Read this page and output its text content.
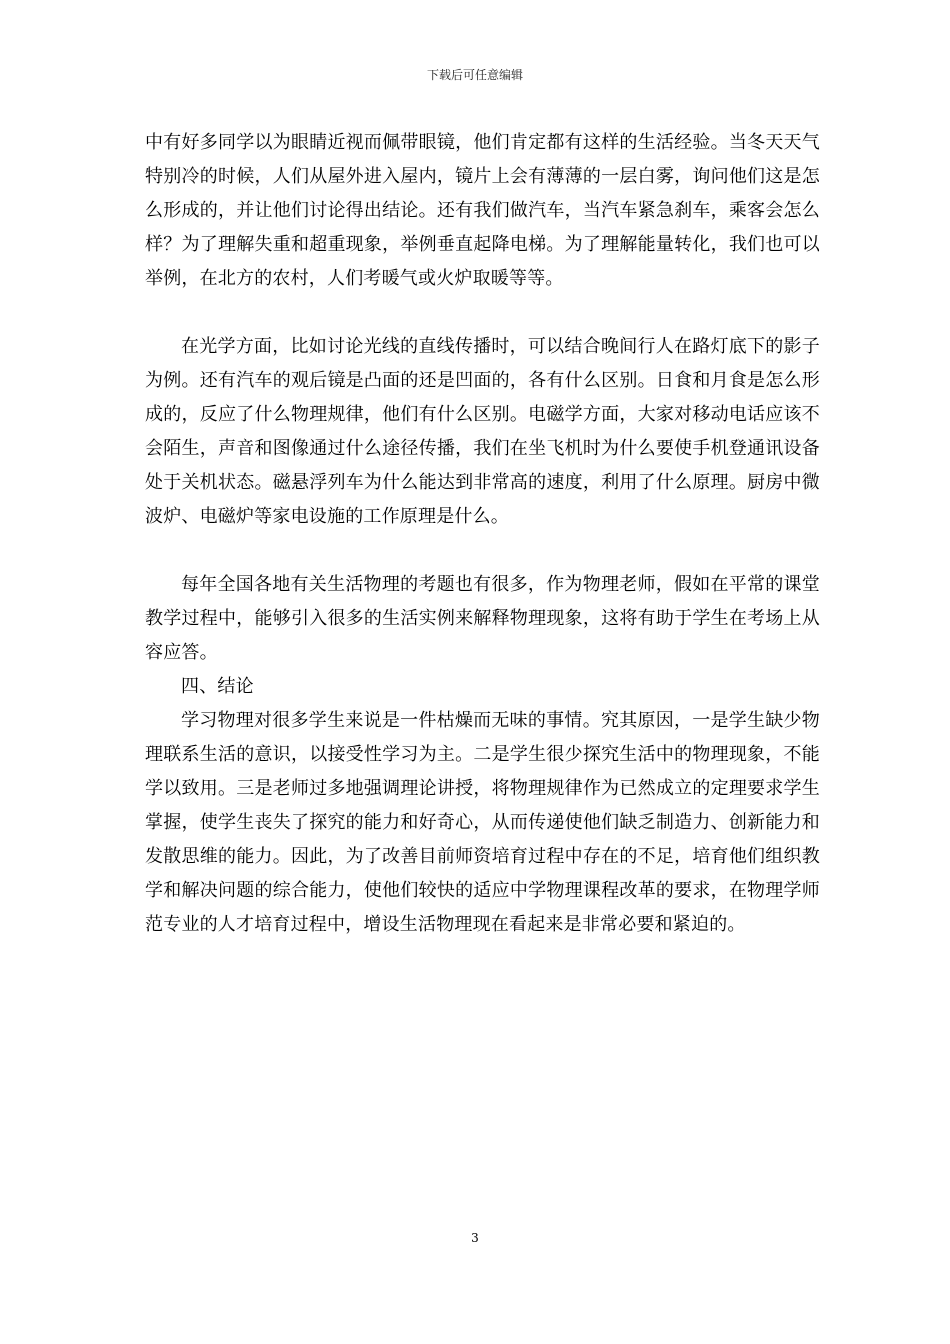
下载后可任意编辑

中有好多同学以为眼睛近视而佩带眼镜，他们肯定都有这样的生活经验。当冬天天气特别冷的时候，人们从屋外进入屋内，镜片上会有薄薄的一层白雾，询问他们这是怎么形成的，并让他们讨论得出结论。还有我们做汽车，当汽车紧急刹车，乘客会怎么样？为了理解失重和超重现象，举例垂直起降电梯。为了理解能量转化，我们也可以举例，在北方的农村，人们考暖气或火炉取暖等等。

在光学方面，比如讨论光线的直线传播时，可以结合晚间行人在路灯底下的影子为例。还有汽车的观后镜是凸面的还是凹面的，各有什么区别。日食和月食是怎么形成的，反应了什么物理规律，他们有什么区别。电磁学方面，大家对移动电话应该不会陌生，声音和图像通过什么途径传播，我们在坐飞机时为什么要使手机登通讯设备处于关机状态。磁悬浮列车为什么能达到非常高的速度，利用了什么原理。厨房中微波炉、电磁炉等家电设施的工作原理是什么。

每年全国各地有关生活物理的考题也有很多，作为物理老师，假如在平常的课堂教学过程中，能够引入很多的生活实例来解释物理现象，这将有助于学生在考场上从容应答。

四、结论

学习物理对很多学生来说是一件枯燥而无味的事情。究其原因，一是学生缺少物理联系生活的意识，以接受性学习为主。二是学生很少探究生活中的物理现象，不能学以致用。三是老师过多地强调理论讲授，将物理规律作为已然成立的定理要求学生掌握，使学生丧失了探究的能力和好奇心，从而传递使他们缺乏制造力、创新能力和发散思维的能力。因此，为了改善目前师资培育过程中存在的不足，培育他们组织教学和解决问题的综合能力，使他们较快的适应中学物理课程改革的要求，在物理学师范专业的人才培育过程中，增设生活物理现在看起来是非常必要和紧迫的。

3
